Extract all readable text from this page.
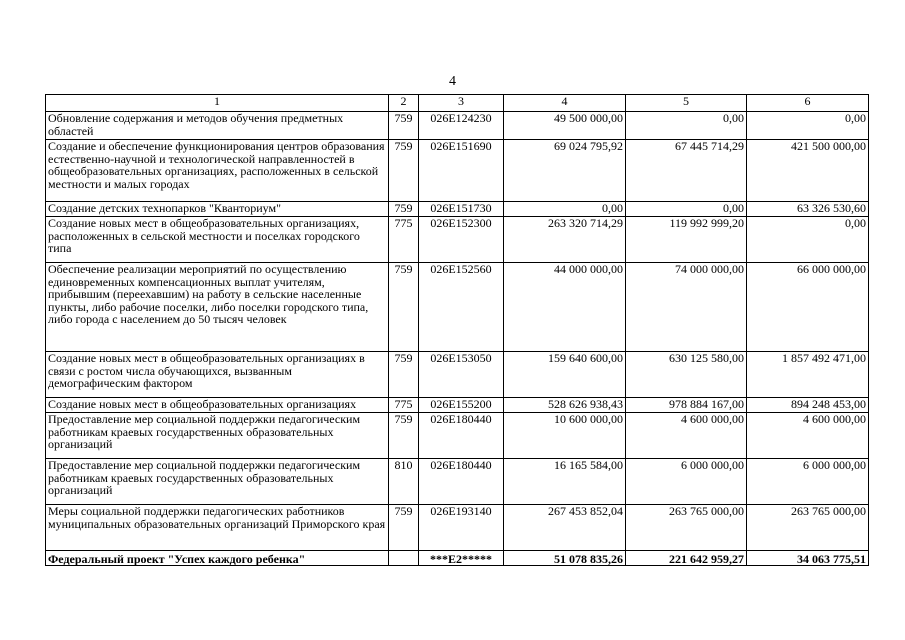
4
1	2	3	4	5	6
Обновление содержания и методов обучения предметных областей	759	026E124230	49 500 000,00	0,00	0,00
Создание и обеспечение функционирования центров образования естественно-научной и технологической направленностей в общеобразовательных организациях, расположенных в сельской местности и малых городах	759	026E151690	69 024 795,92	67 445 714,29	421 500 000,00
Создание детских технопарков "Кванториум"	759	026E151730	0,00	0,00	63 326 530,60
Создание новых мест в общеобразовательных организациях, расположенных в сельской местности и поселках городского типа	775	026E152300	263 320 714,29	119 992 999,20	0,00
Обеспечение реализации мероприятий по осуществлению единовременных компенсационных выплат учителям, прибывшим (переехавшим) на работу в сельские населенные пункты, либо рабочие поселки, либо поселки городского типа, либо города с населением до 50 тысяч человек	759	026E152560	44 000 000,00	74 000 000,00	66 000 000,00
Создание новых мест в общеобразовательных организациях в связи с ростом числа обучающихся, вызванным демографическим фактором	759	026E153050	159 640 600,00	630 125 580,00	1 857 492 471,00
Создание новых мест в общеобразовательных организациях	775	026E155200	528 626 938,43	978 884 167,00	894 248 453,00
Предоставление мер социальной поддержки педагогическим работникам краевых государственных образовательных организаций	759	026E180440	10 600 000,00	4 600 000,00	4 600 000,00
Предоставление мер социальной поддержки педагогическим работникам краевых государственных образовательных организаций	810	026E180440	16 165 584,00	6 000 000,00	6 000 000,00
Меры социальной поддержки педагогических работников муниципальных образовательных организаций Приморского края	759	026E193140	267 453 852,04	263 765 000,00	263 765 000,00
Федеральный проект "Успех каждого ребенка"		***E2*****	51 078 835,26	221 642 959,27	34 063 775,51
